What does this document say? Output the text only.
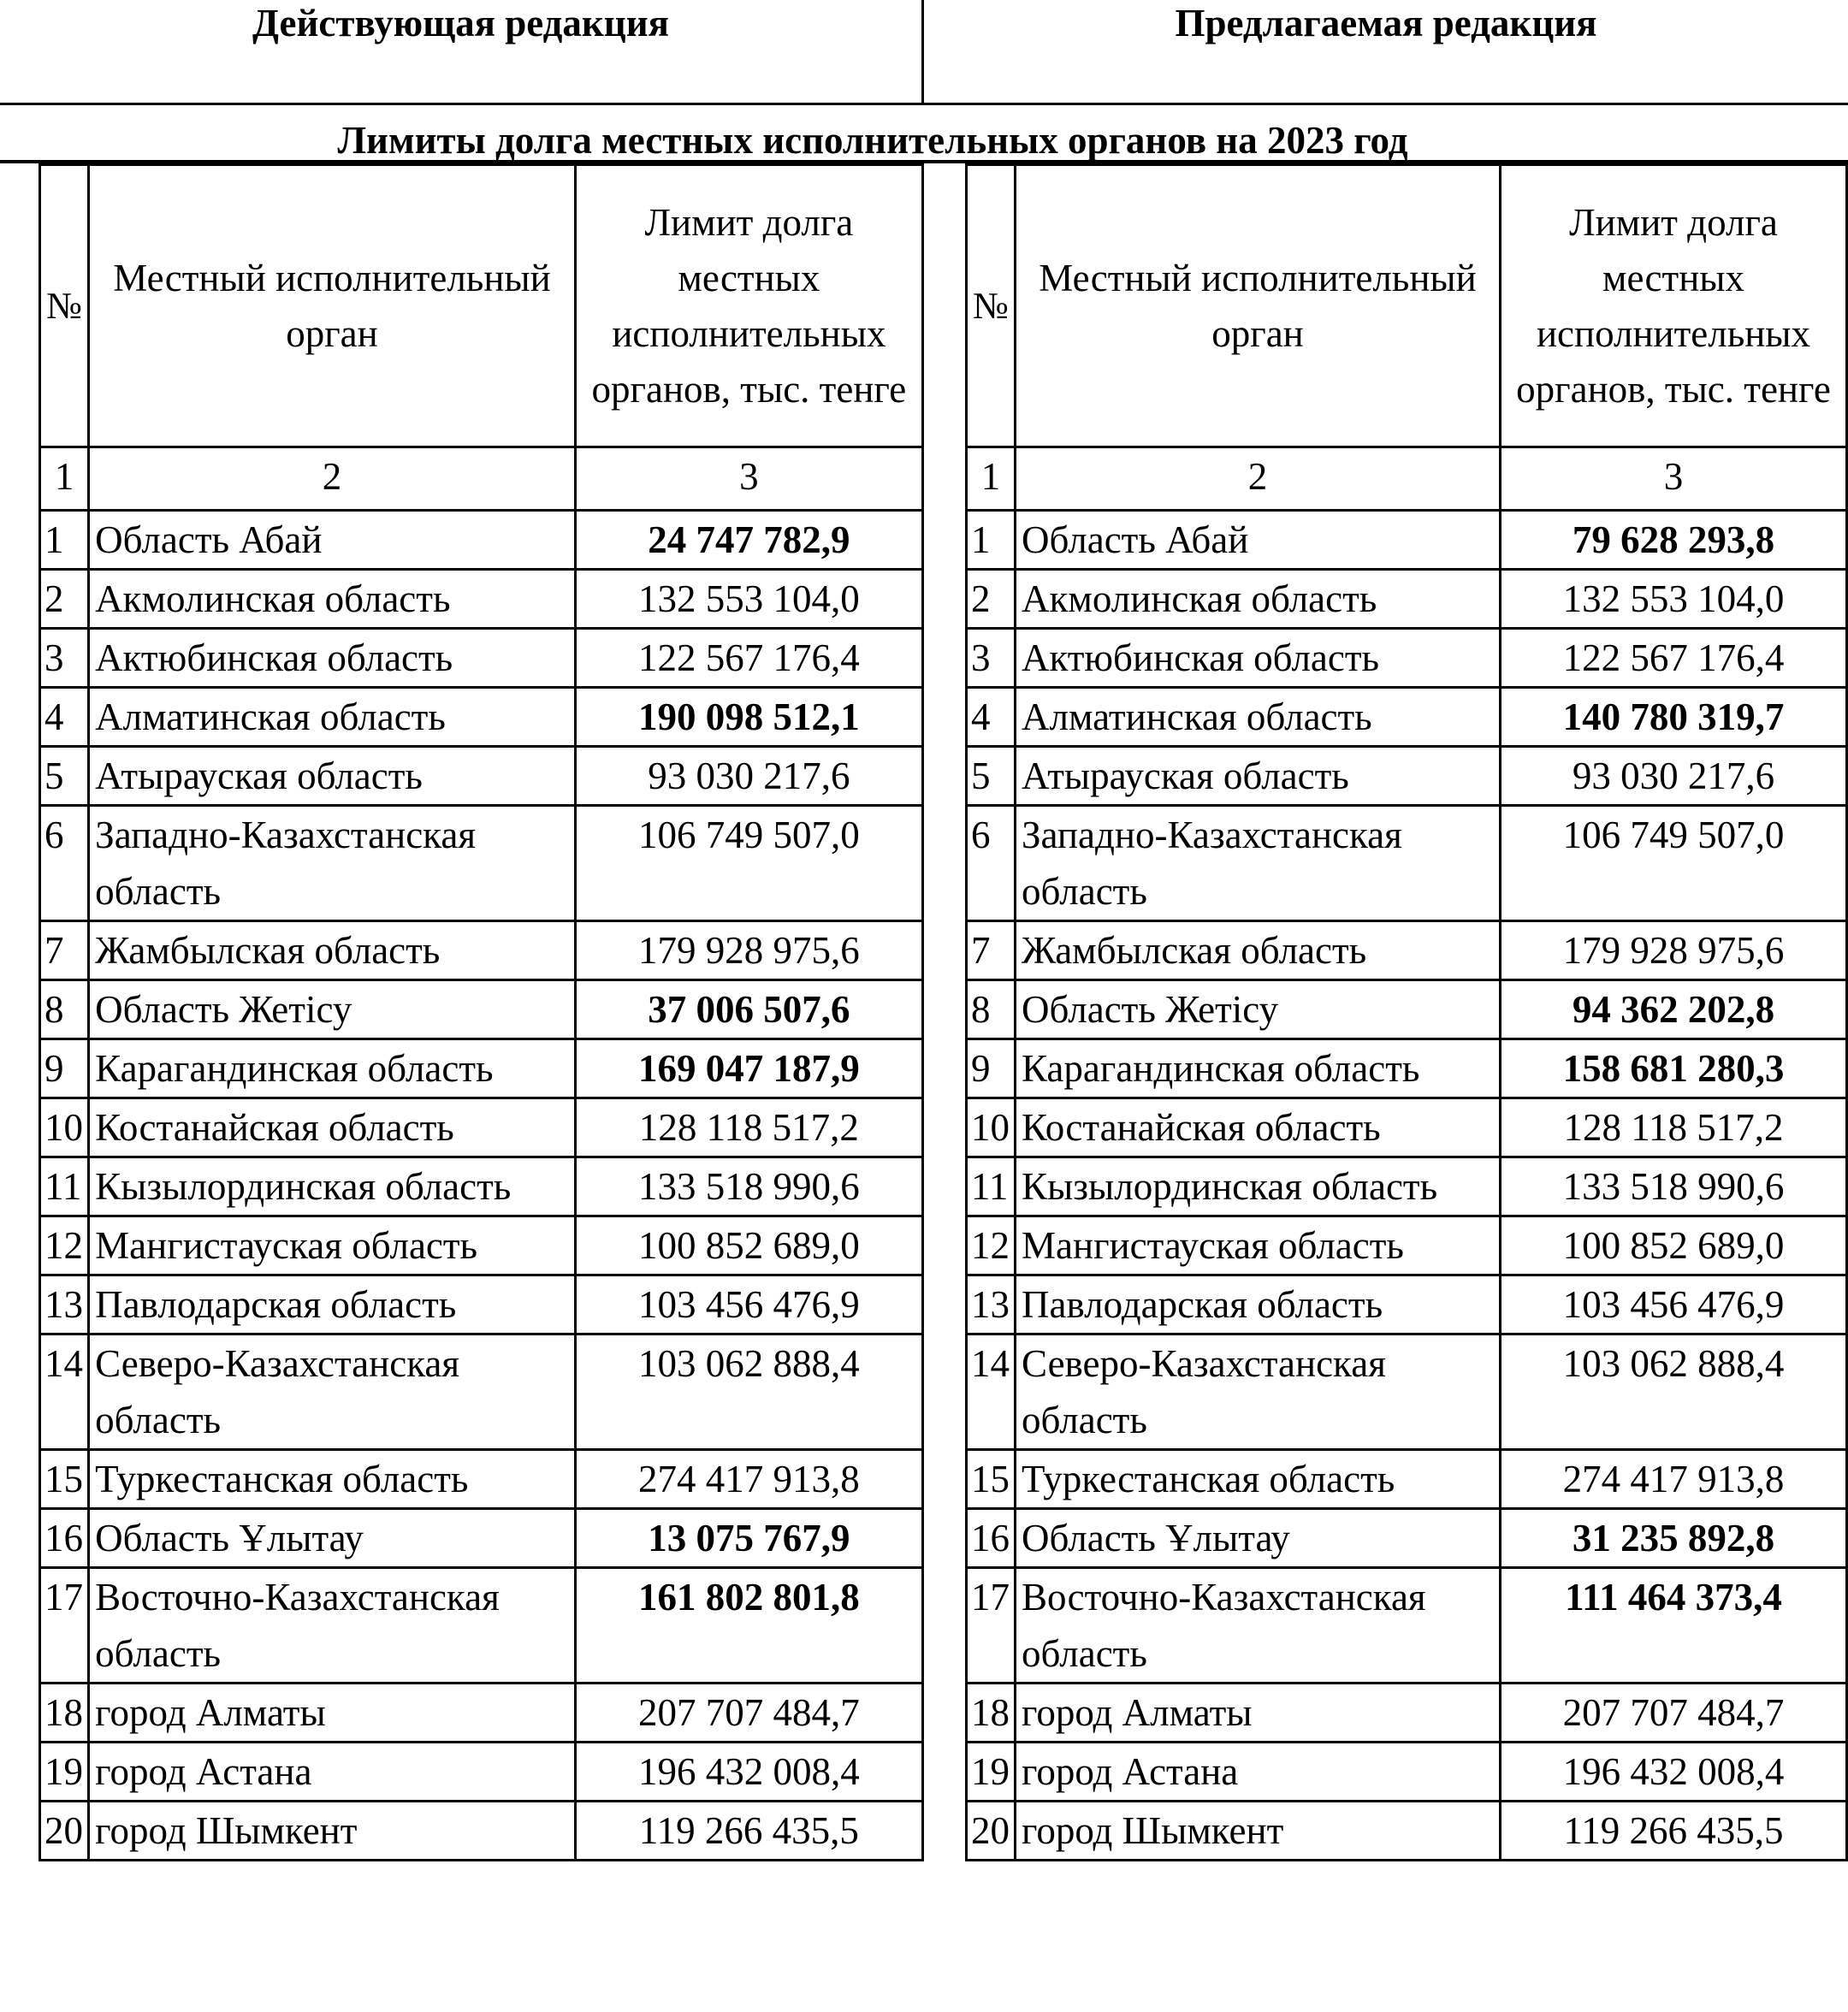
Действующая редакция	Предлагаемая редакция
Лимиты долга местных исполнительных органов на 2023 год
№	Местный исполнительный орган	Лимит долга местных исполнительных органов, тыс. тенге
1	2	3
1	Область Абай	24 747 782,9
2	Акмолинская область	132 553 104,0
3	Актюбинская область	122 567 176,4
4	Алматинская область	190 098 512,1
5	Атырауская область	93 030 217,6
6	Западно-Казахстанская область	106 749 507,0
7	Жамбылская область	179 928 975,6
8	Область Жетісу	37 006 507,6
9	Карагандинская область	169 047 187,9
10	Костанайская область	128 118 517,2
11	Кызылординская область	133 518 990,6
12	Мангистауская область	100 852 689,0
13	Павлодарская область	103 456 476,9
14	Северо-Казахстанская область	103 062 888,4
15	Туркестанская область	274 417 913,8
16	Область Ұлытау	13 075 767,9
17	Восточно-Казахстанская область	161 802 801,8
18	город Алматы	207 707 484,7
19	город Астана	196 432 008,4
20	город Шымкент	119 266 435,5
№	Местный исполнительный орган	Лимит долга местных исполнительных органов, тыс. тенге
1	2	3
1	Область Абай	79 628 293,8
2	Акмолинская область	132 553 104,0
3	Актюбинская область	122 567 176,4
4	Алматинская область	140 780 319,7
5	Атырауская область	93 030 217,6
6	Западно-Казахстанская область	106 749 507,0
7	Жамбылская область	179 928 975,6
8	Область Жетісу	94 362 202,8
9	Карагандинская область	158 681 280,3
10	Костанайская область	128 118 517,2
11	Кызылординская область	133 518 990,6
12	Мангистауская область	100 852 689,0
13	Павлодарская область	103 456 476,9
14	Северо-Казахстанская область	103 062 888,4
15	Туркестанская область	274 417 913,8
16	Область Ұлытау	31 235 892,8
17	Восточно-Казахстанская область	111 464 373,4
18	город Алматы	207 707 484,7
19	город Астана	196 432 008,4
20	город Шымкент	119 266 435,5
